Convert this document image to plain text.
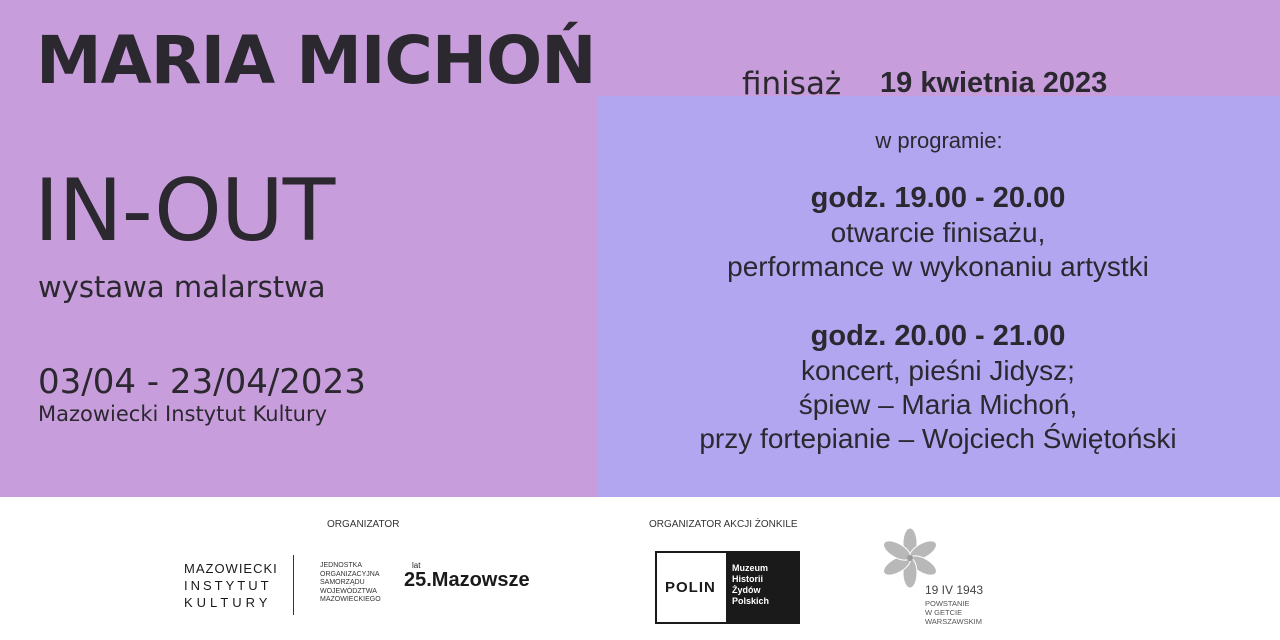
MARIA MICHOŃ
IN-OUT
wystawa malarstwa
03/04 - 23/04/2023
Mazowiecki Instytut Kultury
finisaż 19 kwietnia 2023
w programie:
godz. 19.00 - 20.00
otwarcie finisażu,
performance w wykonaniu artystki
godz. 20.00 - 21.00
koncert, pieśni Jidysz;
śpiew – Maria Michoń,
przy fortepianie – Wojciech Świętoński
ORGANIZATOR	ORGANIZATOR AKCJI ŻONKILE
MAZOWIECKI
INSTYTUT
KULTURY
JEDNOSTKA
ORGANIZACYJNA
SAMORZĄDU
WOJEWÓDZTWA
MAZOWIECKIEGO
lat
25.Mazowsze	POLIN
Muzeum
Historii
Żydów
Polskich
19 IV 1943
POWSTANIE
W GETCIE
WARSZAWSKIM
